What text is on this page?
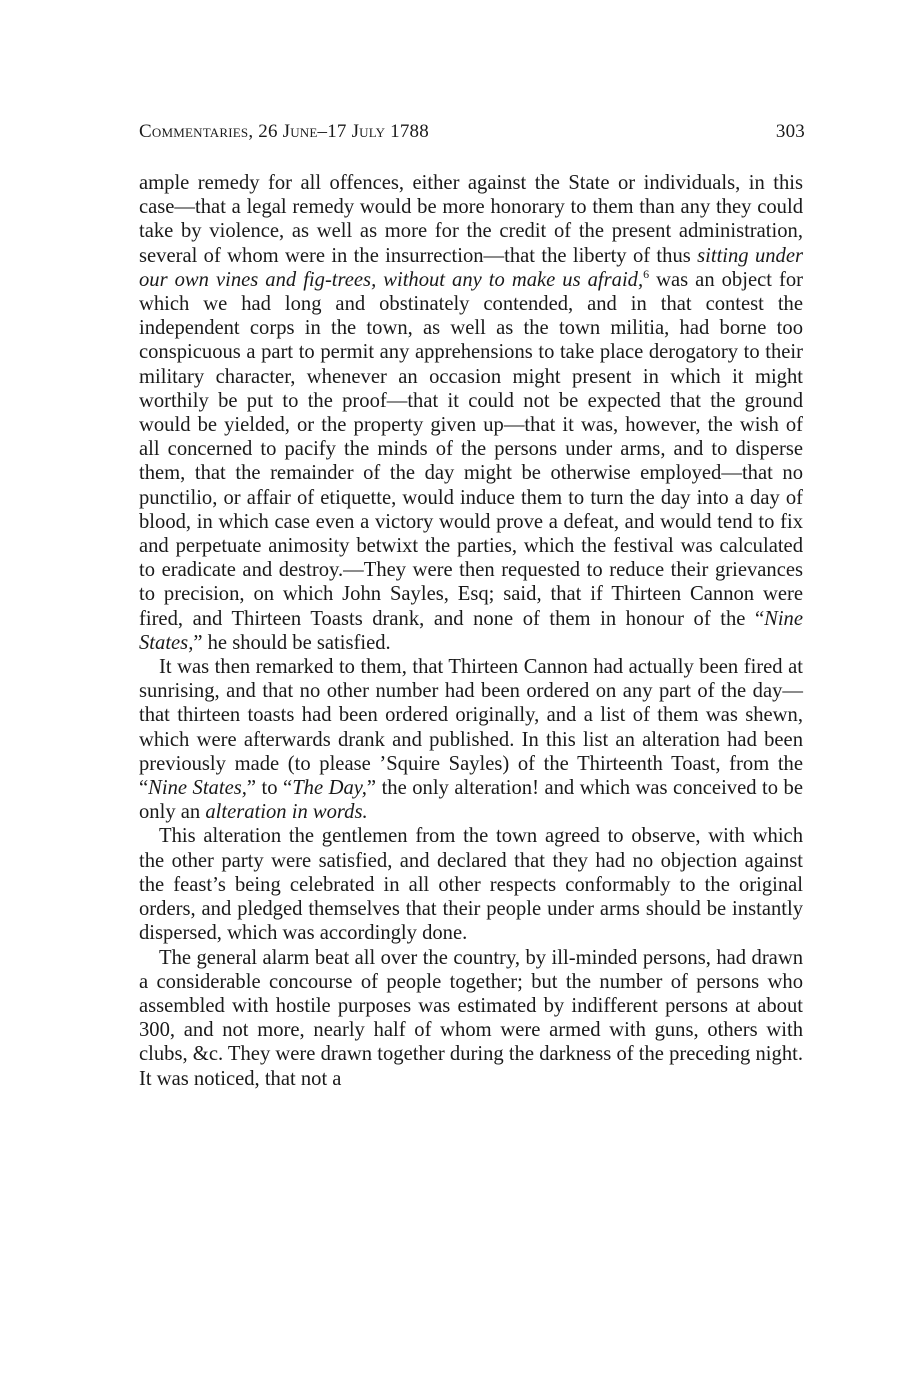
Commentaries, 26 June–17 July 1788	303

ample remedy for all offences, either against the State or individuals, in this case—that a legal remedy would be more honorary to them than any they could take by violence, as well as more for the credit of the present administration, several of whom were in the insurrection—that the liberty of thus sitting under our own vines and fig-trees, without any to make us afraid,$^6$ was an object for which we had long and obstinately contended, and in that contest the independent corps in the town, as well as the town militia, had borne too conspicuous a part to permit any apprehensions to take place derogatory to their military character, whenever an occasion might present in which it might worthily be put to the proof—that it could not be expected that the ground would be yielded, or the property given up—that it was, however, the wish of all concerned to pacify the minds of the persons under arms, and to disperse them, that the remainder of the day might be otherwise employed—that no punctilio, or affair of etiquette, would induce them to turn the day into a day of blood, in which case even a victory would prove a defeat, and would tend to fix and perpetuate animosity betwixt the parties, which the festival was calculated to eradicate and destroy.—They were then requested to reduce their grievances to precision, on which John Sayles, Esq; said, that if Thirteen Cannon were fired, and Thirteen Toasts drank, and none of them in honour of the “Nine States,” he should be satisfied.

It was then remarked to them, that Thirteen Cannon had actually been fired at sunrising, and that no other number had been ordered on any part of the day—that thirteen toasts had been ordered originally, and a list of them was shewn, which were afterwards drank and published. In this list an alteration had been previously made (to please ’Squire Sayles) of the Thirteenth Toast, from the “Nine States,” to “The Day,” the only alteration! and which was conceived to be only an alteration in words.

This alteration the gentlemen from the town agreed to observe, with which the other party were satisfied, and declared that they had no objection against the feast’s being celebrated in all other respects conformably to the original orders, and pledged themselves that their people under arms should be instantly dispersed, which was accordingly done.

The general alarm beat all over the country, by ill-minded persons, had drawn a considerable concourse of people together; but the number of persons who assembled with hostile purposes was estimated by indifferent persons at about 300, and not more, nearly half of whom were armed with guns, others with clubs, &c. They were drawn together during the darkness of the preceding night. It was noticed, that not a
